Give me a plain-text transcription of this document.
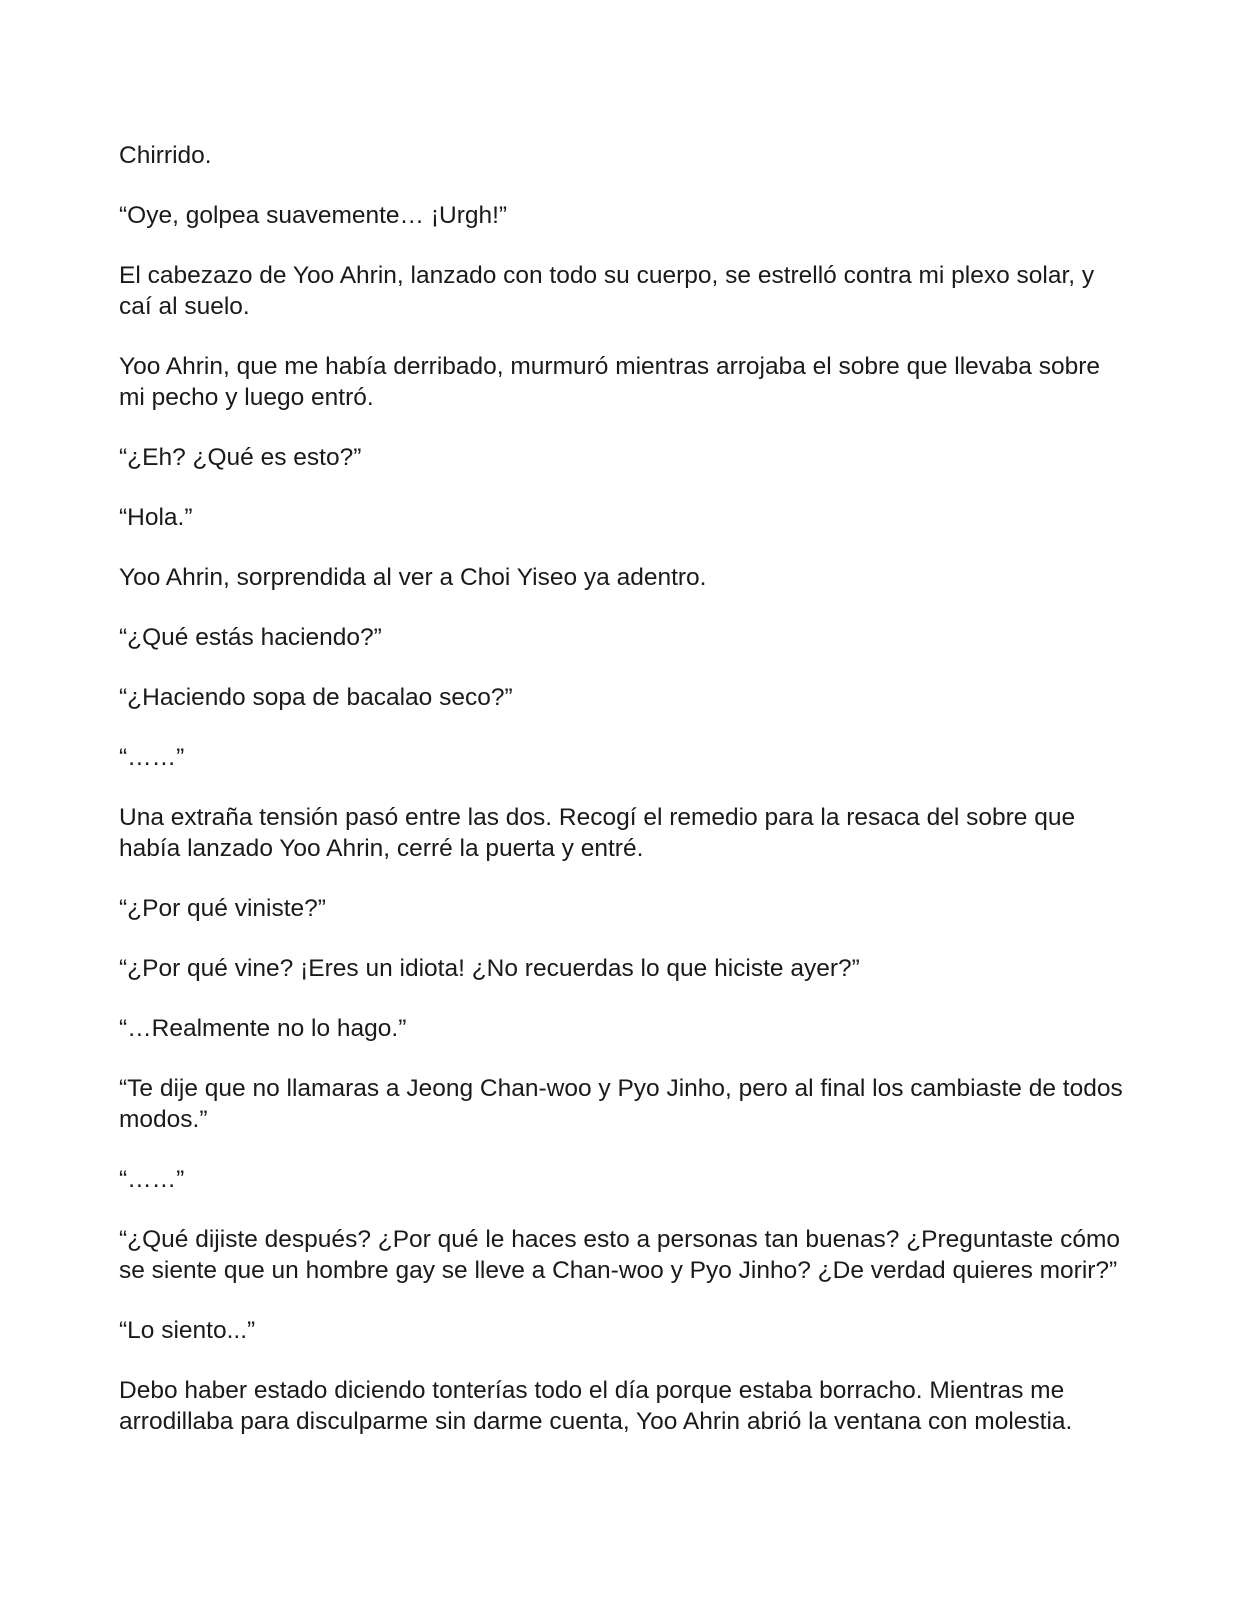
Chirrido.

“Oye, golpea suavemente… ¡Urgh!”

El cabezazo de Yoo Ahrin, lanzado con todo su cuerpo, se estrelló contra mi plexo solar, y caí al suelo.

Yoo Ahrin, que me había derribado, murmuró mientras arrojaba el sobre que llevaba sobre mi pecho y luego entró.

“¿Eh? ¿Qué es esto?”

“Hola.”

Yoo Ahrin, sorprendida al ver a Choi Yiseo ya adentro.

“¿Qué estás haciendo?”

“¿Haciendo sopa de bacalao seco?”

“……”

Una extraña tensión pasó entre las dos. Recogí el remedio para la resaca del sobre que había lanzado Yoo Ahrin, cerré la puerta y entré.

“¿Por qué viniste?”

“¿Por qué vine? ¡Eres un idiota! ¿No recuerdas lo que hiciste ayer?”

“…Realmente no lo hago.”

“Te dije que no llamaras a Jeong Chan-woo y Pyo Jinho, pero al final los cambiaste de todos modos.”

“……”

“¿Qué dijiste después? ¿Por qué le haces esto a personas tan buenas? ¿Preguntaste cómo se siente que un hombre gay se lleve a Chan-woo y Pyo Jinho? ¿De verdad quieres morir?”

“Lo siento...”

Debo haber estado diciendo tonterías todo el día porque estaba borracho. Mientras me arrodillaba para disculparme sin darme cuenta, Yoo Ahrin abrió la ventana con molestia.
